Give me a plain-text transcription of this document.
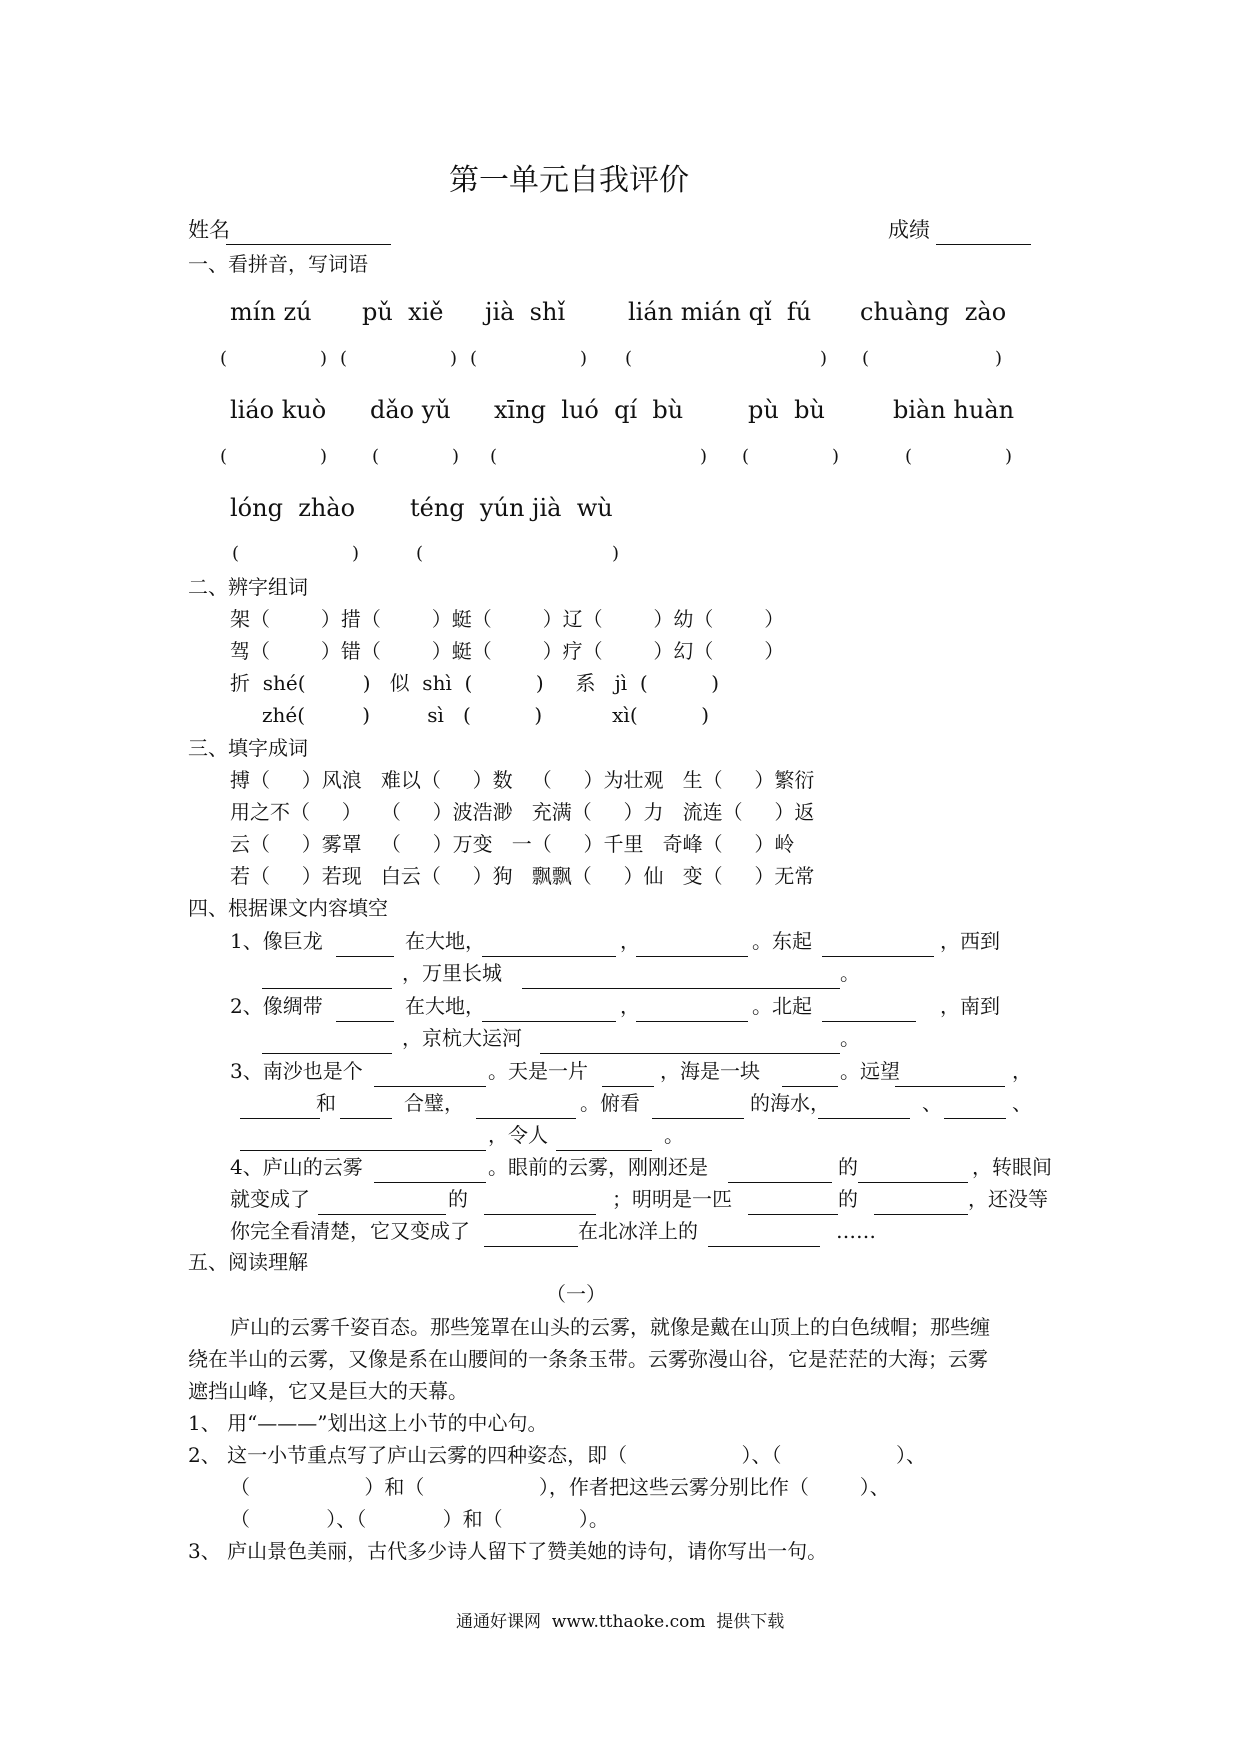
第一单元自我评价
姓名	成绩
一、看拼音，写词语
mín zú pǔ  xiě jià  shǐ	lián mián qǐ  fú chuàng  zào
(	) (	) (	) (	) (	)
liáo kuò dǎo yǔ xīng  luó  qí  bù	pù  bù	biàn huàn
(	) (	) (	) (	)	(	)
lóng  zhào téng  yún jià  wù
(	)	(	)
二、辨字组词
架（        ）措（        ）蜓（        ）辽（        ）幼（        ）
驾（        ）错（        ）蜓（        ）疗（        ）幻（        ）
折  shé(         )   似  shì  (          )     系   jì  (          )
zhé(         )         sì   (          )           xì(          )
三、填字成词
搏（     ）风浪   难以（     ）数   （     ）为壮观   生（     ）繁衍
用之不（     ）   （     ）波浩渺   充满（     ）力   流连（     ）返
云（     ）雾罩   （     ）万变   一（     ）千里   奇峰（     ）岭
若（     ）若现   白云（     ）狗   飘飘（     ）仙   变（     ）无常
四、根据课文内容填空
1、像巨龙	在大地，	，	。东起	，西到
，万里长城	。
2、像绸带	在大地，	，	。北起	，南到
，京杭大运河	。
3、南沙也是个	。天是一片	，海是一块	。远望	，
和	合璧，	。俯看	的海水，	、	、
，令人	。
4、庐山的云雾	。眼前的云雾，刚刚还是	的	，转眼间
就变成了	的	；明明是一匹	的	，还没等
你完全看清楚，它又变成了	在北冰洋上的	……
五、阅读理解
（一）
庐山的云雾千姿百态。那些笼罩在山头的云雾，就像是戴在山顶上的白色绒帽；那些缠
绕在半山的云雾，又像是系在山腰间的一条条玉带。云雾弥漫山谷，它是茫茫的大海；云雾
遮挡山峰，它又是巨大的天幕。
1、 用“———”划出这上小节的中心句。
2、 这一小节重点写了庐山云雾的四种姿态，即（                  ）、（                  ）、
（                  ）和（                  ），作者把这些云雾分别比作（        ）、
（            ）、（            ）和（            ）。
3、 庐山景色美丽，古代多少诗人留下了赞美她的诗句，请你写出一句。
通通好课网  www.tthaoke.com  提供下载
